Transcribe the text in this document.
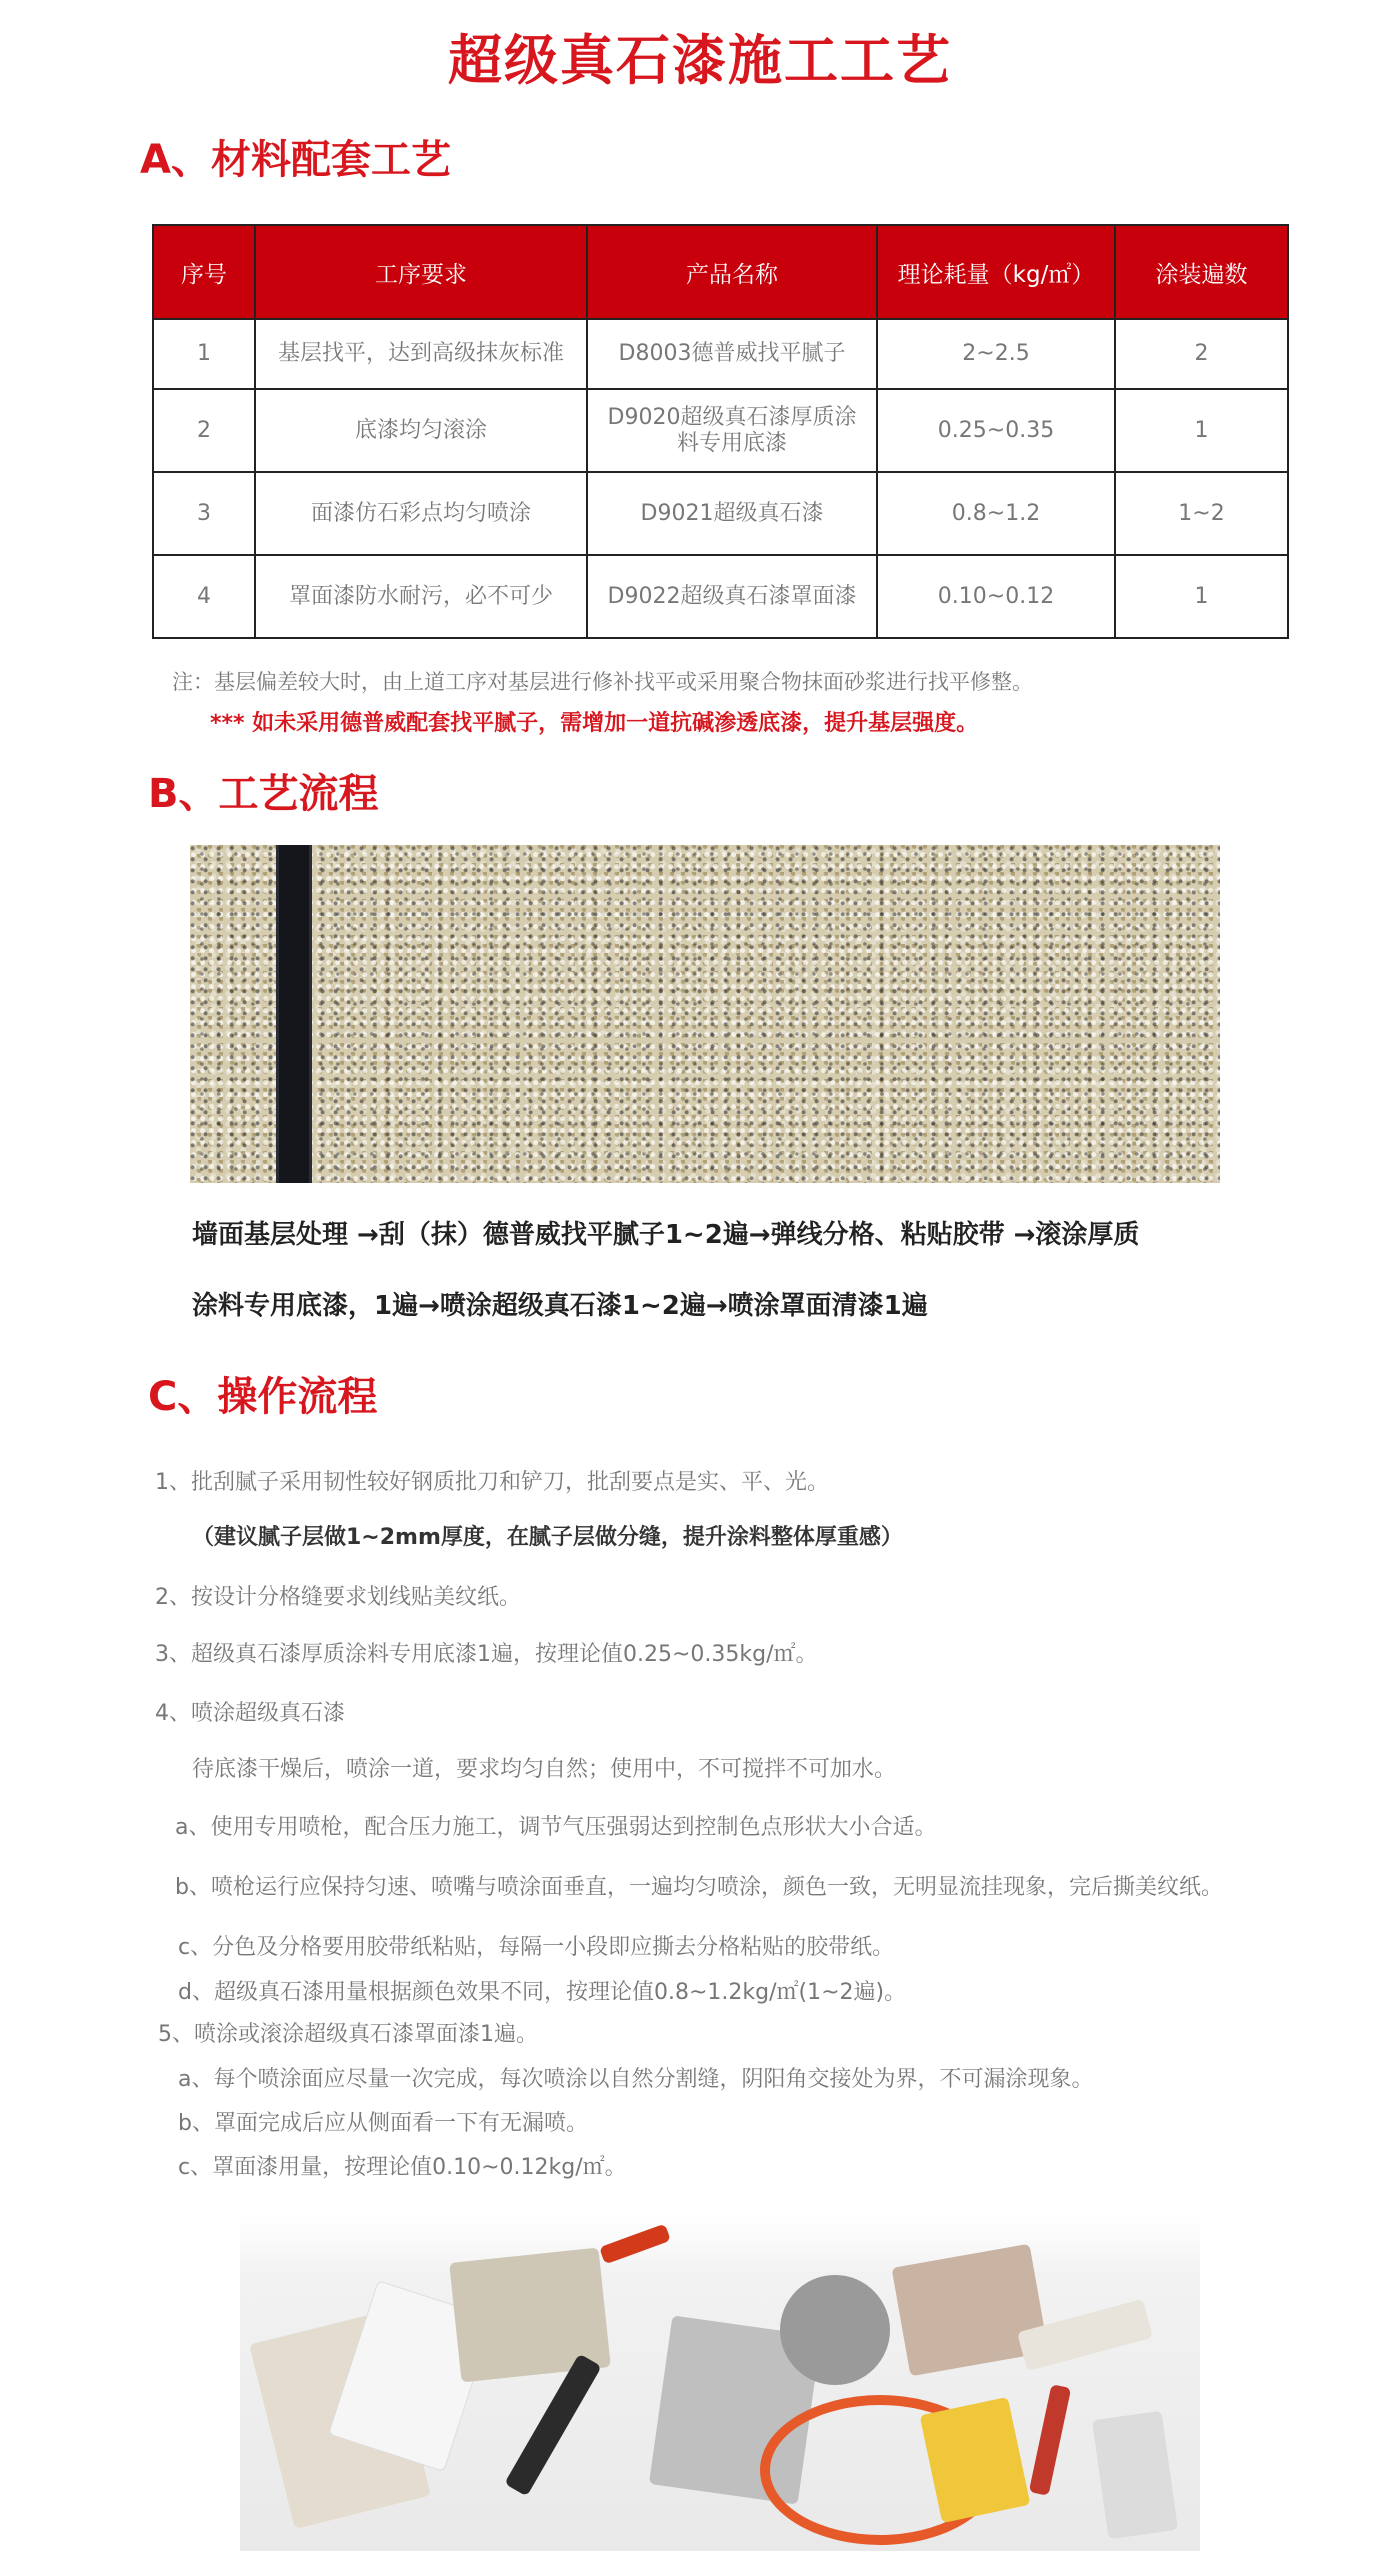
超级真石漆施工工艺
A、材料配套工艺
序号	工序要求	产品名称	理论耗量（kg/㎡）	涂装遍数
1	基层找平，达到高级抹灰标准	D8003德普威找平腻子	2~2.5	2
2	底漆均匀滚涂	D9020超级真石漆厚质涂料专用底漆	0.25~0.35	1
3	面漆仿石彩点均匀喷涂	D9021超级真石漆	0.8~1.2	1~2
4	罩面漆防水耐污，必不可少	D9022超级真石漆罩面漆	0.10~0.12	1
注：基层偏差较大时，由上道工序对基层进行修补找平或采用聚合物抹面砂浆进行找平修整。
*** 如未采用德普威配套找平腻子，需增加一道抗碱渗透底漆，提升基层强度。
B、工艺流程
墙面基层处理 →刮（抹）德普威找平腻子1~2遍→弹线分格、粘贴胶带 →滚涂厚质
涂料专用底漆，1遍→喷涂超级真石漆1~2遍→喷涂罩面清漆1遍
C、操作流程
1、批刮腻子采用韧性较好钢质批刀和铲刀，批刮要点是实、平、光。
（建议腻子层做1~2mm厚度，在腻子层做分缝，提升涂料整体厚重感）
2、按设计分格缝要求划线贴美纹纸。
3、超级真石漆厚质涂料专用底漆1遍，按理论值0.25~0.35kg/㎡。
4、喷涂超级真石漆
待底漆干燥后，喷涂一道，要求均匀自然；使用中，不可搅拌不可加水。
a、使用专用喷枪，配合压力施工，调节气压强弱达到控制色点形状大小合适。
b、喷枪运行应保持匀速、喷嘴与喷涂面垂直，一遍均匀喷涂，颜色一致，无明显流挂现象，完后撕美纹纸。
c、分色及分格要用胶带纸粘贴，每隔一小段即应撕去分格粘贴的胶带纸。
d、超级真石漆用量根据颜色效果不同，按理论值0.8~1.2kg/㎡(1~2遍)。
5、喷涂或滚涂超级真石漆罩面漆1遍。
a、每个喷涂面应尽量一次完成，每次喷涂以自然分割缝，阴阳角交接处为界，不可漏涂现象。
b、罩面完成后应从侧面看一下有无漏喷。
c、罩面漆用量，按理论值0.10~0.12kg/㎡。
